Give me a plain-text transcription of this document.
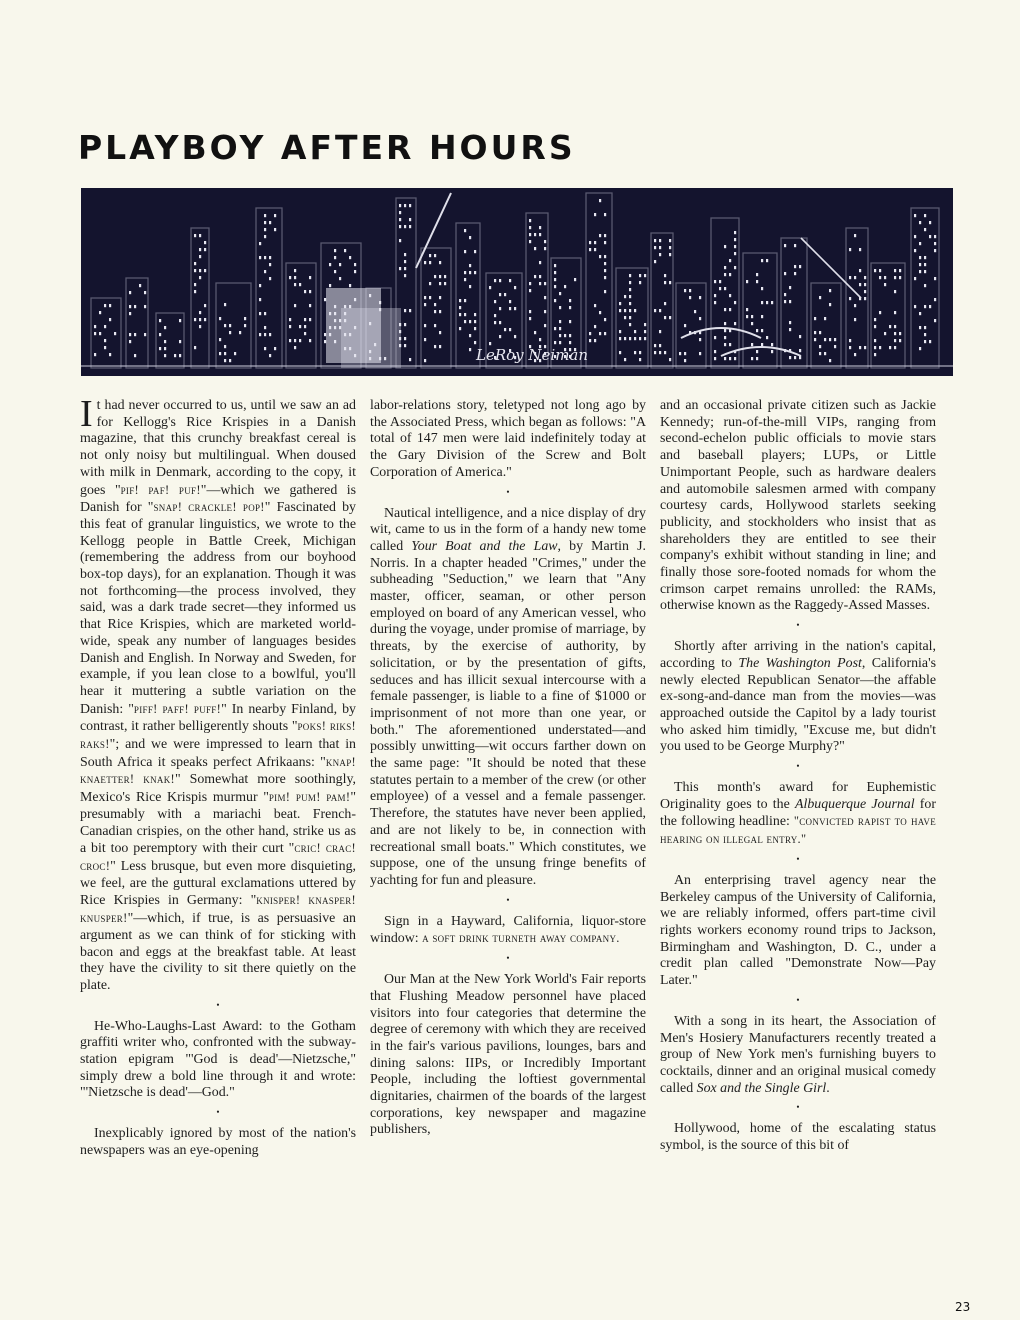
PLAYBOY AFTER HOURS
LeRoy Neiman

It had never occurred to us, until we saw an ad for Kellogg's Rice Krispies in a Danish magazine, that this crunchy breakfast cereal is not only noisy but multilingual. When doused with milk in Denmark, according to the copy, it goes "pif! paf! puf!"—which we gathered is Danish for "snap! crackle! pop!" Fascinated by this feat of granular linguistics, we wrote to the Kellogg people in Battle Creek, Michigan (remembering the address from our boyhood box-top days), for an explanation. Though it was not forthcoming—the process involved, they said, was a dark trade secret—they informed us that Rice Krispies, which are marketed world-wide, speak any number of languages besides Danish and English. In Norway and Sweden, for example, if you lean close to a bowlful, you'll hear it muttering a subtle variation on the Danish: "piff! paff! puff!" In nearby Finland, by contrast, it rather belligerently shouts "poks! riks! raks!"; and we were impressed to learn that in South Africa it speaks perfect Afrikaans: "knap! knaetter! knak!" Somewhat more soothingly, Mexico's Rice Krispis murmur "pim! pum! pam!" presumably with a mariachi beat. French-Canadian crispies, on the other hand, strike us as a bit too peremptory with their curt "cric! crac! croc!" Less brusque, but even more disquieting, we feel, are the guttural exclamations uttered by Rice Krispies in Germany: "knisper! knasper! knusper!"—which, if true, is as persuasive an argument as we can think of for sticking with bacon and eggs at the breakfast table. At least they have the civility to sit there quietly on the plate.

•

He-Who-Laughs-Last Award: to the Gotham graffiti writer who, confronted with the subway-station epigram "'God is dead'—Nietzsche," simply drew a bold line through it and wrote: "'Nietzsche is dead'—God."

•

Inexplicably ignored by most of the nation's newspapers was an eye-opening

labor-relations story, teletyped not long ago by the Associated Press, which began as follows: "A total of 147 men were laid indefinitely today at the Gary Division of the Screw and Bolt Corporation of America."

•

Nautical intelligence, and a nice display of dry wit, came to us in the form of a handy new tome called Your Boat and the Law, by Martin J. Norris. In a chapter headed "Crimes," under the subheading "Seduction," we learn that "Any master, officer, seaman, or other person employed on board of any American vessel, who during the voyage, under promise of marriage, by threats, by the exercise of authority, by solicitation, or by the presentation of gifts, seduces and has illicit sexual intercourse with a female passenger, is liable to a fine of $1000 or imprisonment of not more than one year, or both." The aforementioned understated—and possibly unwitting—wit occurs farther down on the same page: "It should be noted that these statutes pertain to a member of the crew (or other employee) of a vessel and a female passenger. Therefore, the statutes have never been applied, and are not likely to be, in connection with recreational small boats." Which constitutes, we suppose, one of the unsung fringe benefits of yachting for fun and pleasure.

•

Sign in a Hayward, California, liquor-store window: a soft drink turneth away company.

•

Our Man at the New York World's Fair reports that Flushing Meadow personnel have placed visitors into four categories that determine the degree of ceremony with which they are received in the fair's various pavilions, lounges, bars and dining salons: IIPs, or Incredibly Important People, including the loftiest governmental dignitaries, chairmen of the boards of the largest corporations, key newspaper and magazine publishers,

and an occasional private citizen such as Jackie Kennedy; run-of-the-mill VIPs, ranging from second-echelon public officials to movie stars and baseball players; LUPs, or Little Unimportant People, such as hardware dealers and automobile salesmen armed with company courtesy cards, Hollywood starlets seeking publicity, and stockholders who insist that as shareholders they are entitled to see their company's exhibit without standing in line; and finally those sore-footed nomads for whom the crimson carpet remains unrolled: the RAMs, otherwise known as the Raggedy-Assed Masses.

•

Shortly after arriving in the nation's capital, according to The Washington Post, California's newly elected Republican Senator—the affable ex-song-and-dance man from the movies—was approached outside the Capitol by a lady tourist who asked him timidly, "Excuse me, but didn't you used to be George Murphy?"

•

This month's award for Euphemistic Originality goes to the Albuquerque Journal for the following headline: "convicted rapist to have hearing on illegal entry."

•

An enterprising travel agency near the Berkeley campus of the University of California, we are reliably informed, offers part-time civil rights workers economy round trips to Jackson, Birmingham and Washington, D. C., under a credit plan called "Demonstrate Now—Pay Later."

•

With a song in its heart, the Association of Men's Hosiery Manufacturers recently treated a group of New York men's furnishing buyers to cocktails, dinner and an original musical comedy called Sox and the Single Girl.

•

Hollywood, home of the escalating status symbol, is the source of this bit of

23
